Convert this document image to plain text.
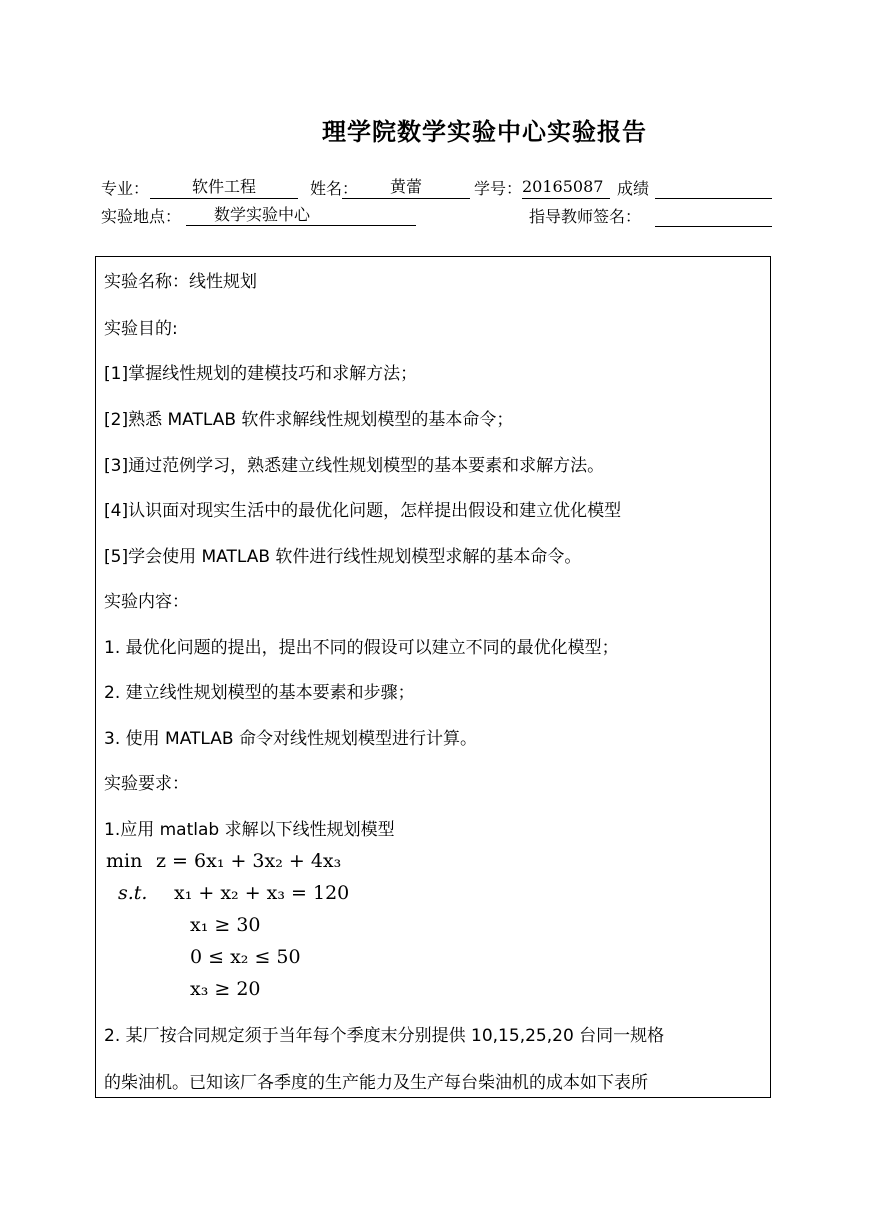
理学院数学实验中心实验报告
专业：	软件工程	姓名：	黄蕾	学号： 20165087 成绩
实验地点：	数学实验中心	指导教师签名：
实验名称：线性规划
实验目的:
[1]掌握线性规划的建模技巧和求解方法；
[2]熟悉 MATLAB 软件求解线性规划模型的基本命令；
[3]通过范例学习，熟悉建立线性规划模型的基本要素和求解方法。
[4]认识面对现实生活中的最优化问题，怎样提出假设和建立优化模型
[5]学会使用 MATLAB 软件进行线性规划模型求解的基本命令。
实验内容：
1. 最优化问题的提出，提出不同的假设可以建立不同的最优化模型；
2. 建立线性规划模型的基本要素和步骤；
3. 使用 MATLAB 命令对线性规划模型进行计算。
实验要求：
1.应用 matlab 求解以下线性规划模型
min z = 6x₁ + 3x₂ + 4x₃
s.t. x₁ + x₂ + x₃ = 120
x₁ ≥ 30
0 ≤ x₂ ≤ 50
x₃ ≥ 20
2. 某厂按合同规定须于当年每个季度末分别提供 10,15,25,20 台同一规格
的柴油机。已知该厂各季度的生产能力及生产每台柴油机的成本如下表所
